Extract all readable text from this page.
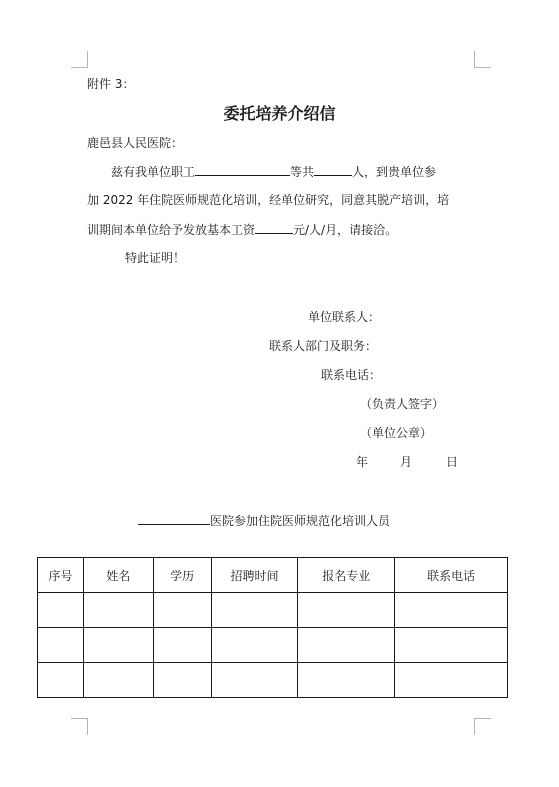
附件 3：
委托培养介绍信
鹿邑县人民医院：
兹有我单位职工	等共	人，到贵单位参
加 2022 年住院医师规范化培训，经单位研究，同意其脱产培训，培
训期间本单位给予发放基本工资	元/人/月，请接洽。
特此证明！
单位联系人：
联系人部门及职务：
联系电话：
（负责人签字）
（单位公章）
年	月	日
医院参加住院医师规范化培训人员
序号	姓名	学历	招聘时间	报名专业	联系电话
